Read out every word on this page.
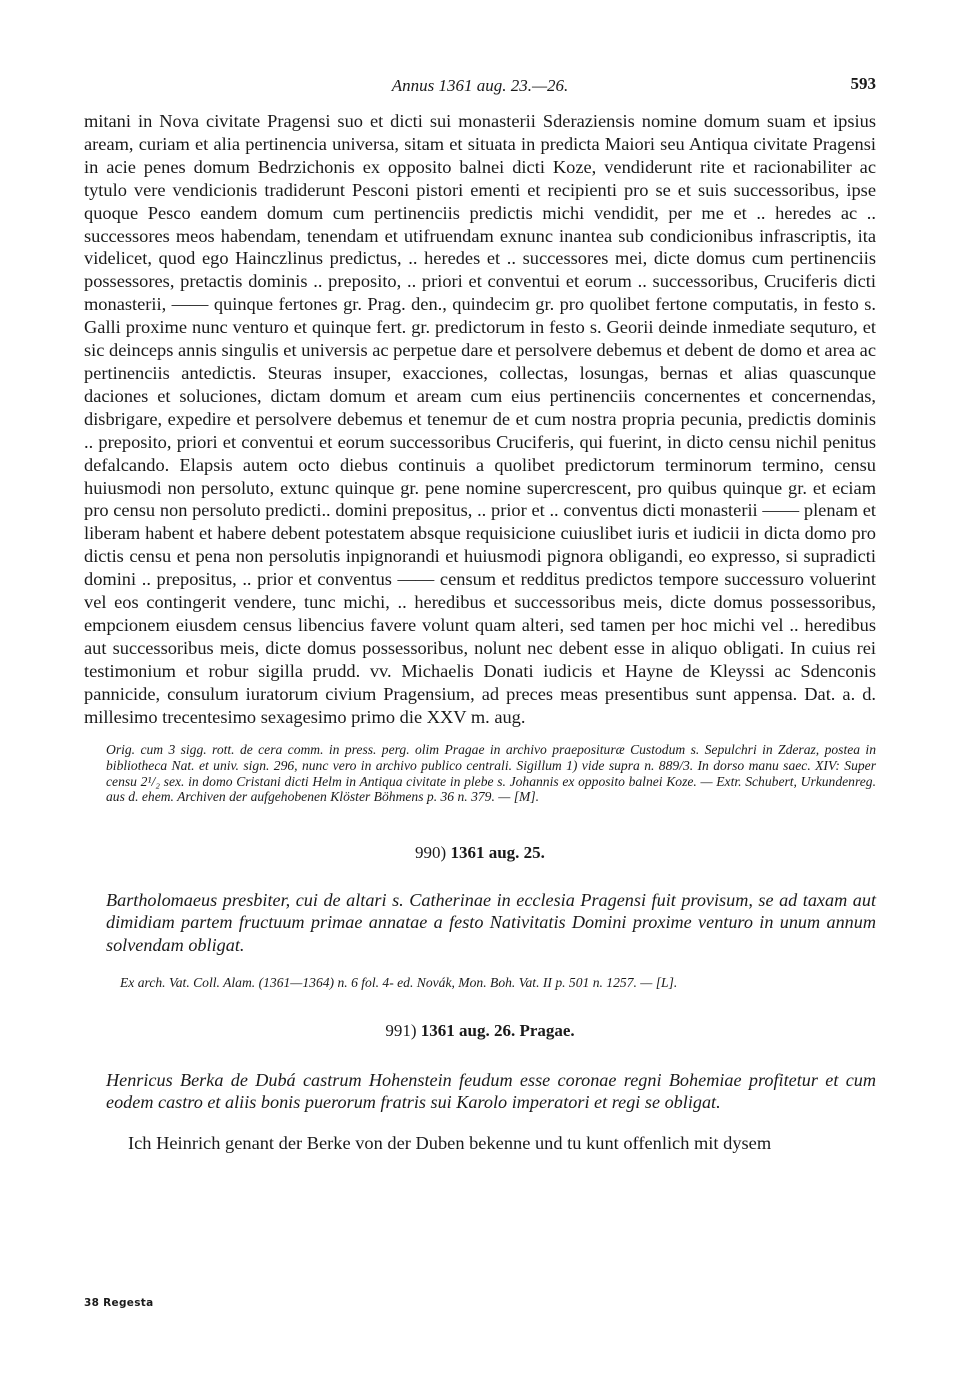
Annus 1361 aug. 23.—26.	593

mitani in Nova civitate Pragensi suo et dicti sui monasterii Sderaziensis nomine domum suam et ipsius aream, curiam et alia pertinencia universa, sitam et situata in predicta Maiori seu Antiqua civitate Pragensi in acie penes domum Bedrzichonis ex opposito balnei dicti Koze, vendiderunt rite et racionabiliter ac tytulo vere vendicionis tradiderunt Pesconi pistori ementi et recipienti pro se et suis successoribus, ipse quoque Pesco eandem domum cum pertinenciis predictis michi vendidit, per me et .. heredes ac .. successores meos habendam, tenendam et utifruendam exnunc inantea sub condicionibus infrascriptis, ita videlicet, quod ego Hainczlinus predictus, .. heredes et .. successores mei, dicte domus cum pertinenciis possessores, pretactis dominis .. preposito, .. priori et conventui et eorum .. successoribus, Cruciferis dicti monasterii, —— quinque fertones gr. Prag. den., quindecim gr. pro quolibet fertone computatis, in festo s. Galli proxime nunc venturo et quinque fert. gr. predictorum in festo s. Georii deinde inmediate sequturo, et sic deinceps annis singulis et universis ac perpetue dare et persolvere debemus et debent de domo et area ac pertinenciis antedictis. Steuras insuper, exacciones, collectas, losungas, bernas et alias quascunque daciones et soluciones, dictam domum et aream cum eius pertinenciis concernentes et concernendas, disbrigare, expedire et persolvere debemus et tenemur de et cum nostra propria pecunia, predictis dominis .. preposito, priori et conventui et eorum successoribus Cruciferis, qui fuerint, in dicto censu nichil penitus defalcando. Elapsis autem octo diebus continuis a quolibet predictorum terminorum termino, censu huiusmodi non persoluto, extunc quinque gr. pene nomine supercrescent, pro quibus quinque gr. et eciam pro censu non persoluto predicti.. domini prepositus, .. prior et .. conventus dicti monasterii —— plenam et liberam habent et habere debent potestatem absque requisicione cuiuslibet iuris et iudicii in dicta domo pro dictis censu et pena non persolutis inpignorandi et huiusmodi pignora obligandi, eo expresso, si supradicti domini .. prepositus, .. prior et conventus —— censum et redditus predictos tempore successuro voluerint vel eos contingerit vendere, tunc michi, .. heredibus et successoribus meis, dicte domus possessoribus, empcionem eiusdem census libencius favere volunt quam alteri, sed tamen per hoc michi vel .. heredibus aut successoribus meis, dicte domus possessoribus, nolunt nec debent esse in aliquo obligati. In cuius rei testimonium et robur sigilla prudd. vv. Michaelis Donati iudicis et Hayne de Kleyssi ac Sdenconis pannicide, consulum iuratorum civium Pragensium, ad preces meas presentibus sunt appensa. Dat. a. d. millesimo trecentesimo sexagesimo primo die XXV m. aug.

Orig. cum 3 sigg. rott. de cera comm. in press. perg. olim Pragae in archivo praeposituræ Custodum s. Sepulchri in Zderaz, postea in bibliotheca Nat. et univ. sign. 296, nunc vero in archivo publico centrali. Sigillum 1) vide supra n. 889/3. In dorso manu saec. XIV: Super censu 2¹/₂ sex. in domo Cristani dicti Helm in Antiqua civitate in plebe s. Johannis ex opposito balnei Koze. — Extr. Schubert, Urkundenreg. aus d. ehem. Archiven der aufgehobenen Klöster Böhmens p. 36 n. 379. — [M].

990) 1361 aug. 25.

Bartholomaeus presbiter, cui de altari s. Catherinae in ecclesia Pragensi fuit provisum, se ad taxam aut dimidiam partem fructuum primae annatae a festo Nativitatis Domini proxime venturo in unum annum solvendam obligat.

Ex arch. Vat. Coll. Alam. (1361—1364) n. 6 fol. 4- ed. Novák, Mon. Boh. Vat. II p. 501 n. 1257. — [L].

991) 1361 aug. 26. Pragae.

Henricus Berka de Dubá castrum Hohenstein feudum esse coronae regni Bohemiae profitetur et cum eodem castro et aliis bonis puerorum fratris sui Karolo imperatori et regi se obligat.

Ich Heinrich genant der Berke von der Duben bekenne und tu kunt offenlich mit dysem

38 Regesta
